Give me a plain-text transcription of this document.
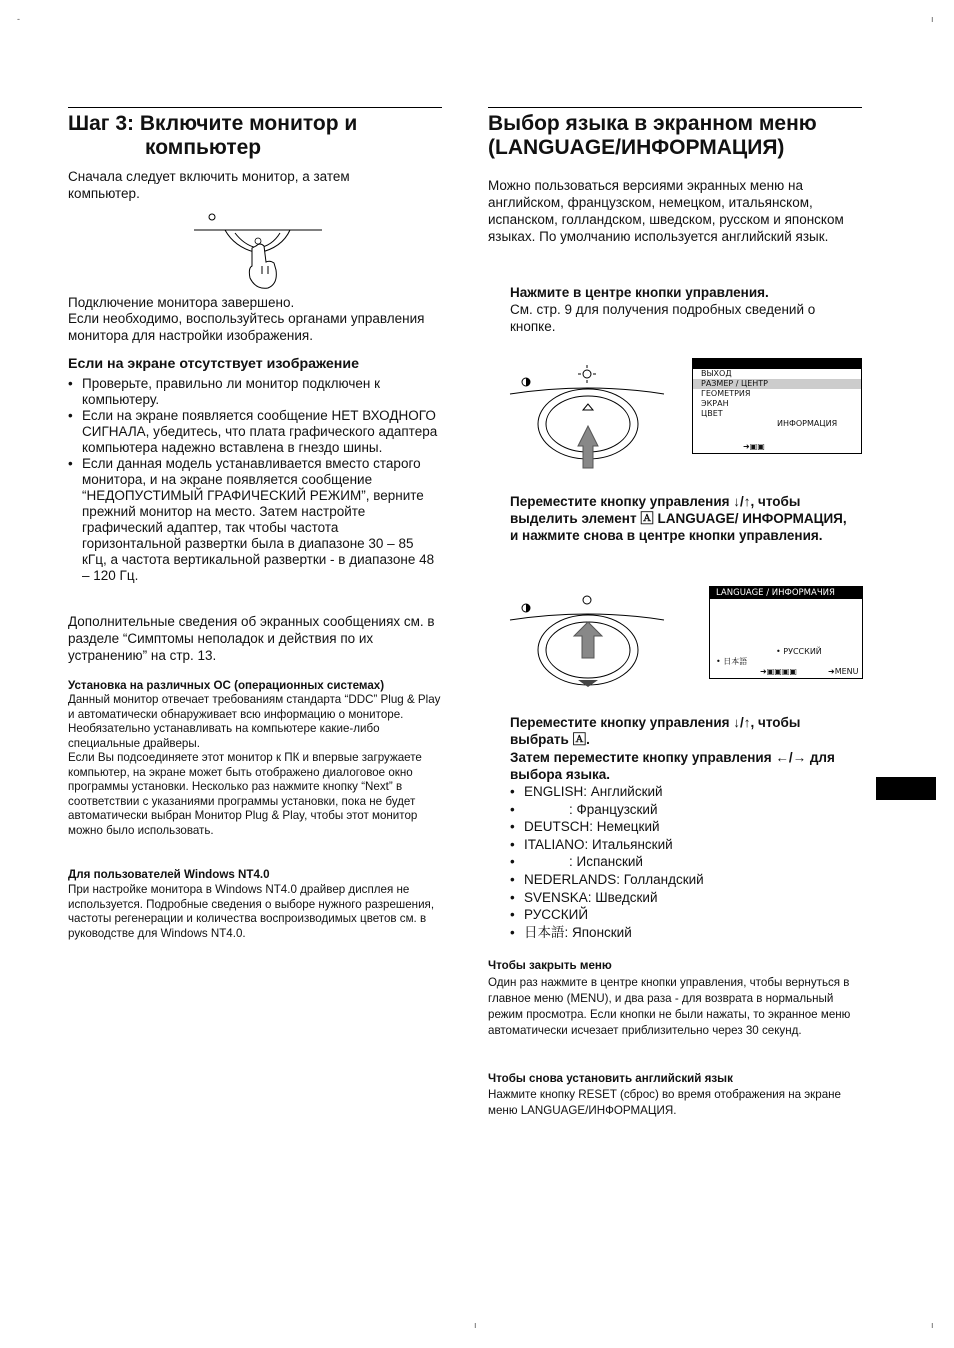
ı
-
ı	ı
Шаг 3: Включите монитор и
компьютер

Сначала следует включить монитор, а затем компьютер.

Подключение монитора завершено.

Если необходимо, воспользуйтесь органами управления монитора для настройки изображения.

Если на экране отсутствует изображение

• Проверьте, правильно ли монитор подключен к компьютеру.
• Если на экране появляется сообщение НЕТ ВХОДНОГО СИГНАЛА, убедитесь, что плата графического адаптера компьютера надежно вставлена в гнездо шины.
• Если данная модель устанавливается вместо старого монитора, и на экране появляется сообщение “НЕДОПУСТИМЫЙ ГРАФИЧЕСКИЙ РЕЖИМ”, верните прежний монитор на место. Затем настройте графический адаптер, так чтобы частота горизонтальной развертки была в диапазоне 30 – 85 кГц, а частота вертикальной развертки - в диапазоне 48 – 120 Гц.

Дополнительные сведения об экранных сообщениях см. в разделе “Симптомы неполадок и действия по их устранению” на стр. 13.

Установка на различных ОС (операционных системах)

Данный монитор отвечает требованиям стандарта “DDC” Plug & Play и автоматически обнаруживает всю информацию о мониторе. Необязательно устанавливать на компьютере какие-либо специальные драйверы.

Если Вы подсоединяете этот монитор к ПК и впервые загружаете компьютер, на экране может быть отображено диалоговое окно программы установки. Несколько раз нажмите кнопку “Next” в соответствии с указаниями программы установки, пока не будет автоматически выбран Монитор Plug & Play, чтобы этот монитор можно было использовать.

Для пользователей Windows NT4.0

При настройке монитора в Windows NT4.0 драйвер дисплея не используется. Подробные сведения о выборе нужного разрешения, частоты регенерации и количества воспроизводимых цветов см. в руководстве для Windows NT4.0.

Выбор языка в экранном меню
(LANGUAGE/ИНФОРМАЦИЯ)

Можно пользоваться версиями экранных меню на английском, французском, немецком, итальянском, испанском, голландском, шведском, русском и японском языках. По умолчанию используется английский язык.

Нажмите в центре кнопки управления.

См. стр. 9 для получения подробных сведений о кнопке.

ВЫХОД
РАЗМЕР / ЦЕНТР
ГЕОМЕТРИЯ
ЭКРАН
ЦВЕТ
ИНФОРМАЦИЯ
➜▣▣

Переместите кнопку управления ↓/↑, чтобы выделить элемент 🄰 LANGUAGE/ ИНФОРМАЦИЯ, и нажмите снова в центре кнопки управления.

LANGUAGE / ИНФОРМАЧИЯ
• РУССКИЙ
• 日本語
➜▣▣▣▣	➜MENU

Переместите кнопку управления ↓/↑, чтобы выбрать 🄰.

Затем переместите кнопку управления ←/→ для выбора языка.

• ENGLISH: Английский
•             : Французский
• DEUTSCH: Немецкий
• ITALIANO: Итальянский
•             : Испанский
• NEDERLANDS: Голландский
• SVENSKA: Шведский
• РУССКИЙ
• 日本語: Японский

Чтобы закрыть меню

Один раз нажмите в центре кнопки управления, чтобы вернуться в главное меню (MENU), и два раза - для возврата в нормальный режим просмотра. Если кнопки не были нажаты, то экранное меню автоматически исчезает приблизительно через 30 секунд.

Чтобы снова установить английский язык

Нажмите кнопку RESET (сброс) во время отображения на экране меню LANGUAGE/ИНФОРМАЦИЯ.
